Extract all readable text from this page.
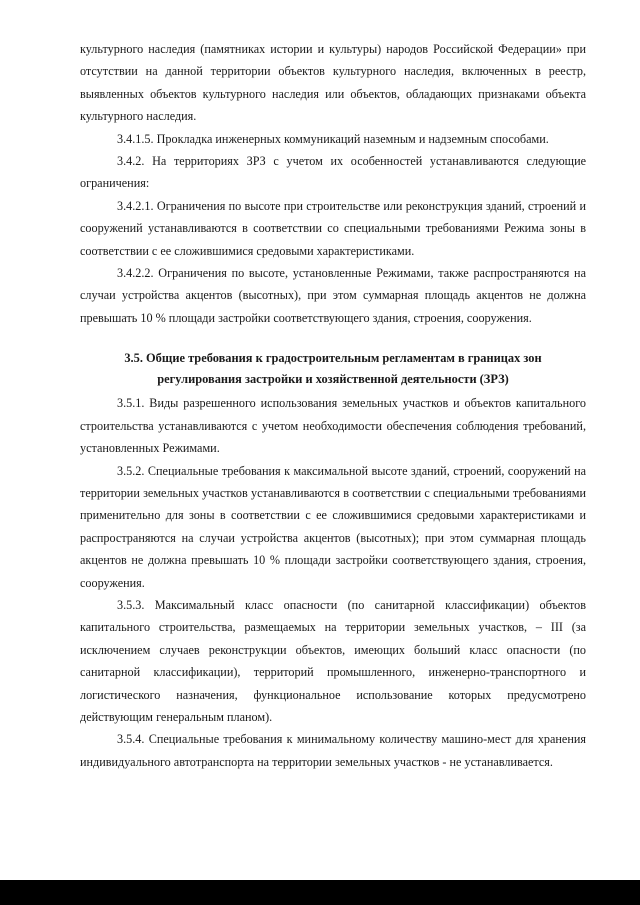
культурного наследия (памятниках истории и культуры) народов Российской Федерации» при отсутствии на данной территории объектов культурного наследия, включенных в реестр, выявленных объектов культурного наследия или объектов, обладающих признаками объекта культурного наследия.

3.4.1.5. Прокладка инженерных коммуникаций наземным и надземным способами.

3.4.2. На территориях ЗРЗ с учетом их особенностей устанавливаются следующие ограничения:

3.4.2.1. Ограничения по высоте при строительстве или реконструкция зданий, строений и сооружений устанавливаются в соответствии со специальными требованиями Режима зоны в соответствии с ее сложившимися средовыми характеристиками.

3.4.2.2. Ограничения по высоте, установленные Режимами, также распространяются на случаи устройства акцентов (высотных), при этом суммарная площадь акцентов не должна превышать 10 % площади застройки соответствующего здания, строения, сооружения.

3.5. Общие требования к градостроительным регламентам в границах зон регулирования застройки и хозяйственной деятельности (ЗРЗ)

3.5.1. Виды разрешенного использования земельных участков и объектов капитального строительства устанавливаются с учетом необходимости обеспечения соблюдения требований, установленных Режимами.

3.5.2. Специальные требования к максимальной высоте зданий, строений, сооружений на территории земельных участков устанавливаются в соответствии с специальными требованиями применительно для зоны в соответствии с ее сложившимися средовыми характеристиками и распространяются на случаи устройства акцентов (высотных); при этом суммарная площадь акцентов не должна превышать 10 % площади застройки соответствующего здания, строения, сооружения.

3.5.3. Максимальный класс опасности (по санитарной классификации) объектов капитального строительства, размещаемых на территории земельных участков, – III (за исключением случаев реконструкции объектов, имеющих больший класс опасности (по санитарной классификации), территорий промышленного, инженерно-транспортного и логистического назначения, функциональное использование которых предусмотрено действующим генеральным планом).

3.5.4. Специальные требования к минимальному количеству машино-мест для хранения индивидуального автотранспорта на территории земельных участков - не устанавливается.
